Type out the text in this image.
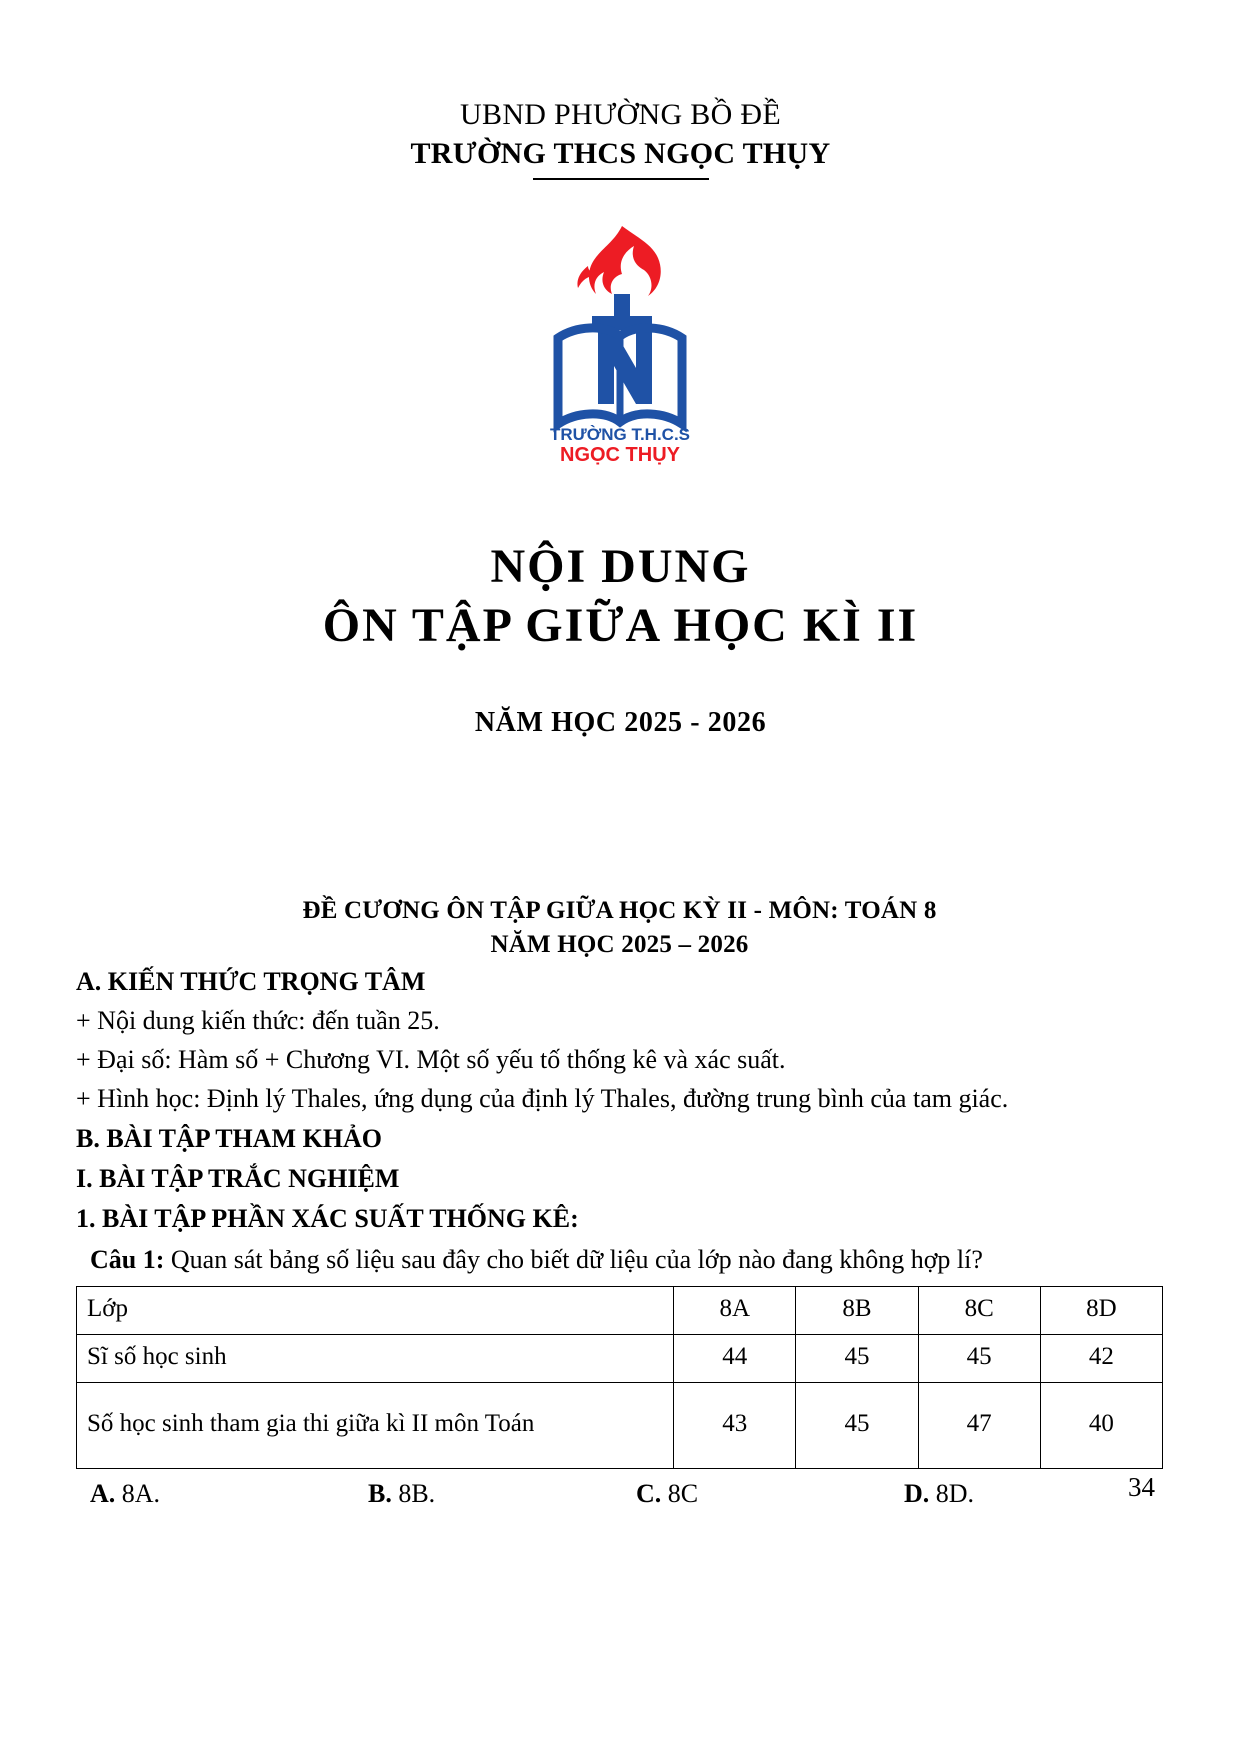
UBND PHƯỜNG BỒ ĐỀ
TRƯỜNG THCS NGỌC THỤY
TRƯỜNG T.H.C.S
NGỌC THỤY
NỘI DUNG
ÔN TẬP GIỮA HỌC KÌ II
NĂM HỌC 2025 - 2026
ĐỀ CƯƠNG ÔN TẬP GIỮA HỌC KỲ II - MÔN: TOÁN 8
NĂM HỌC 2025 – 2026
A. KIẾN THỨC TRỌNG TÂM
+ Nội dung kiến thức: đến tuần 25.
+ Đại số: Hàm số + Chương VI. Một số yếu tố thống kê và xác suất.
+ Hình học: Định lý Thales, ứng dụng của định lý Thales, đường trung bình của tam giác.
B. BÀI TẬP THAM KHẢO
I. BÀI TẬP TRẮC NGHIỆM
1. BÀI TẬP PHẦN XÁC SUẤT THỐNG KÊ:
Câu 1: Quan sát bảng số liệu sau đây cho biết dữ liệu của lớp nào đang không hợp lí?
Lớp	8A	8B	8C	8D
Sĩ số học sinh	44	45	45	42
Số học sinh tham gia thi giữa kì II môn Toán	43	45	47	40
A. 8A.	B. 8B.	C. 8C	D. 8D.	34
